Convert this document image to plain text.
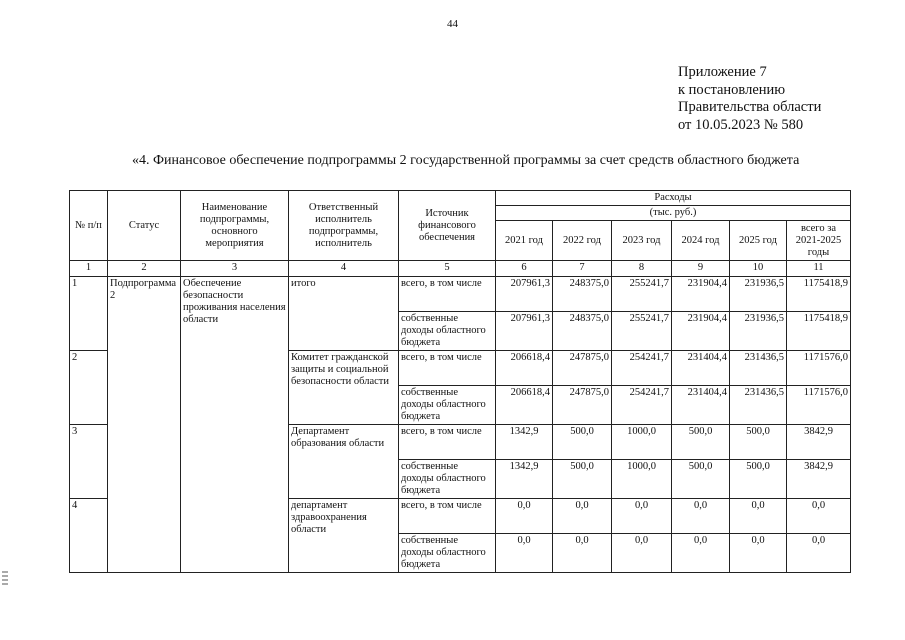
44
Приложение 7
к постановлению
Правительства области
от 10.05.2023 № 580
«4. Финансовое обеспечение подпрограммы 2 государственной программы за счет средств областного бюджета
№ п/п	Статус	Наименование подпрограммы, основного мероприятия	Ответственный исполнитель подпрограммы, исполнитель	Источник финансового обеспечения	Расходы					
					(тыс. руб.)					
					2021 год	2022 год	2023 год	2024 год	2025 год	всего за 2021-2025 годы
1	2	3	4	5	6	7	8	9	10	11
1	Подпрограмма 2	Обеспечение безопасности проживания населения области	итого	всего, в том числе	207961,3	248375,0	255241,7	231904,4	231936,5	1175418,9
				собственные доходы областного бюджета	207961,3	248375,0	255241,7	231904,4	231936,5	1175418,9
2			Комитет гражданской защиты и социальной безопасности области	всего, в том числе	206618,4	247875,0	254241,7	231404,4	231436,5	1171576,0
				собственные доходы областного бюджета	206618,4	247875,0	254241,7	231404,4	231436,5	1171576,0
3			Департамент образования области	всего, в том числе	1342,9	500,0	1000,0	500,0	500,0	3842,9
				собственные доходы областного бюджета	1342,9	500,0	1000,0	500,0	500,0	3842,9
4			департамент здравоохранения области	всего, в том числе	0,0	0,0	0,0	0,0	0,0	0,0
				собственные доходы областного бюджета	0,0	0,0	0,0	0,0	0,0	0,0
